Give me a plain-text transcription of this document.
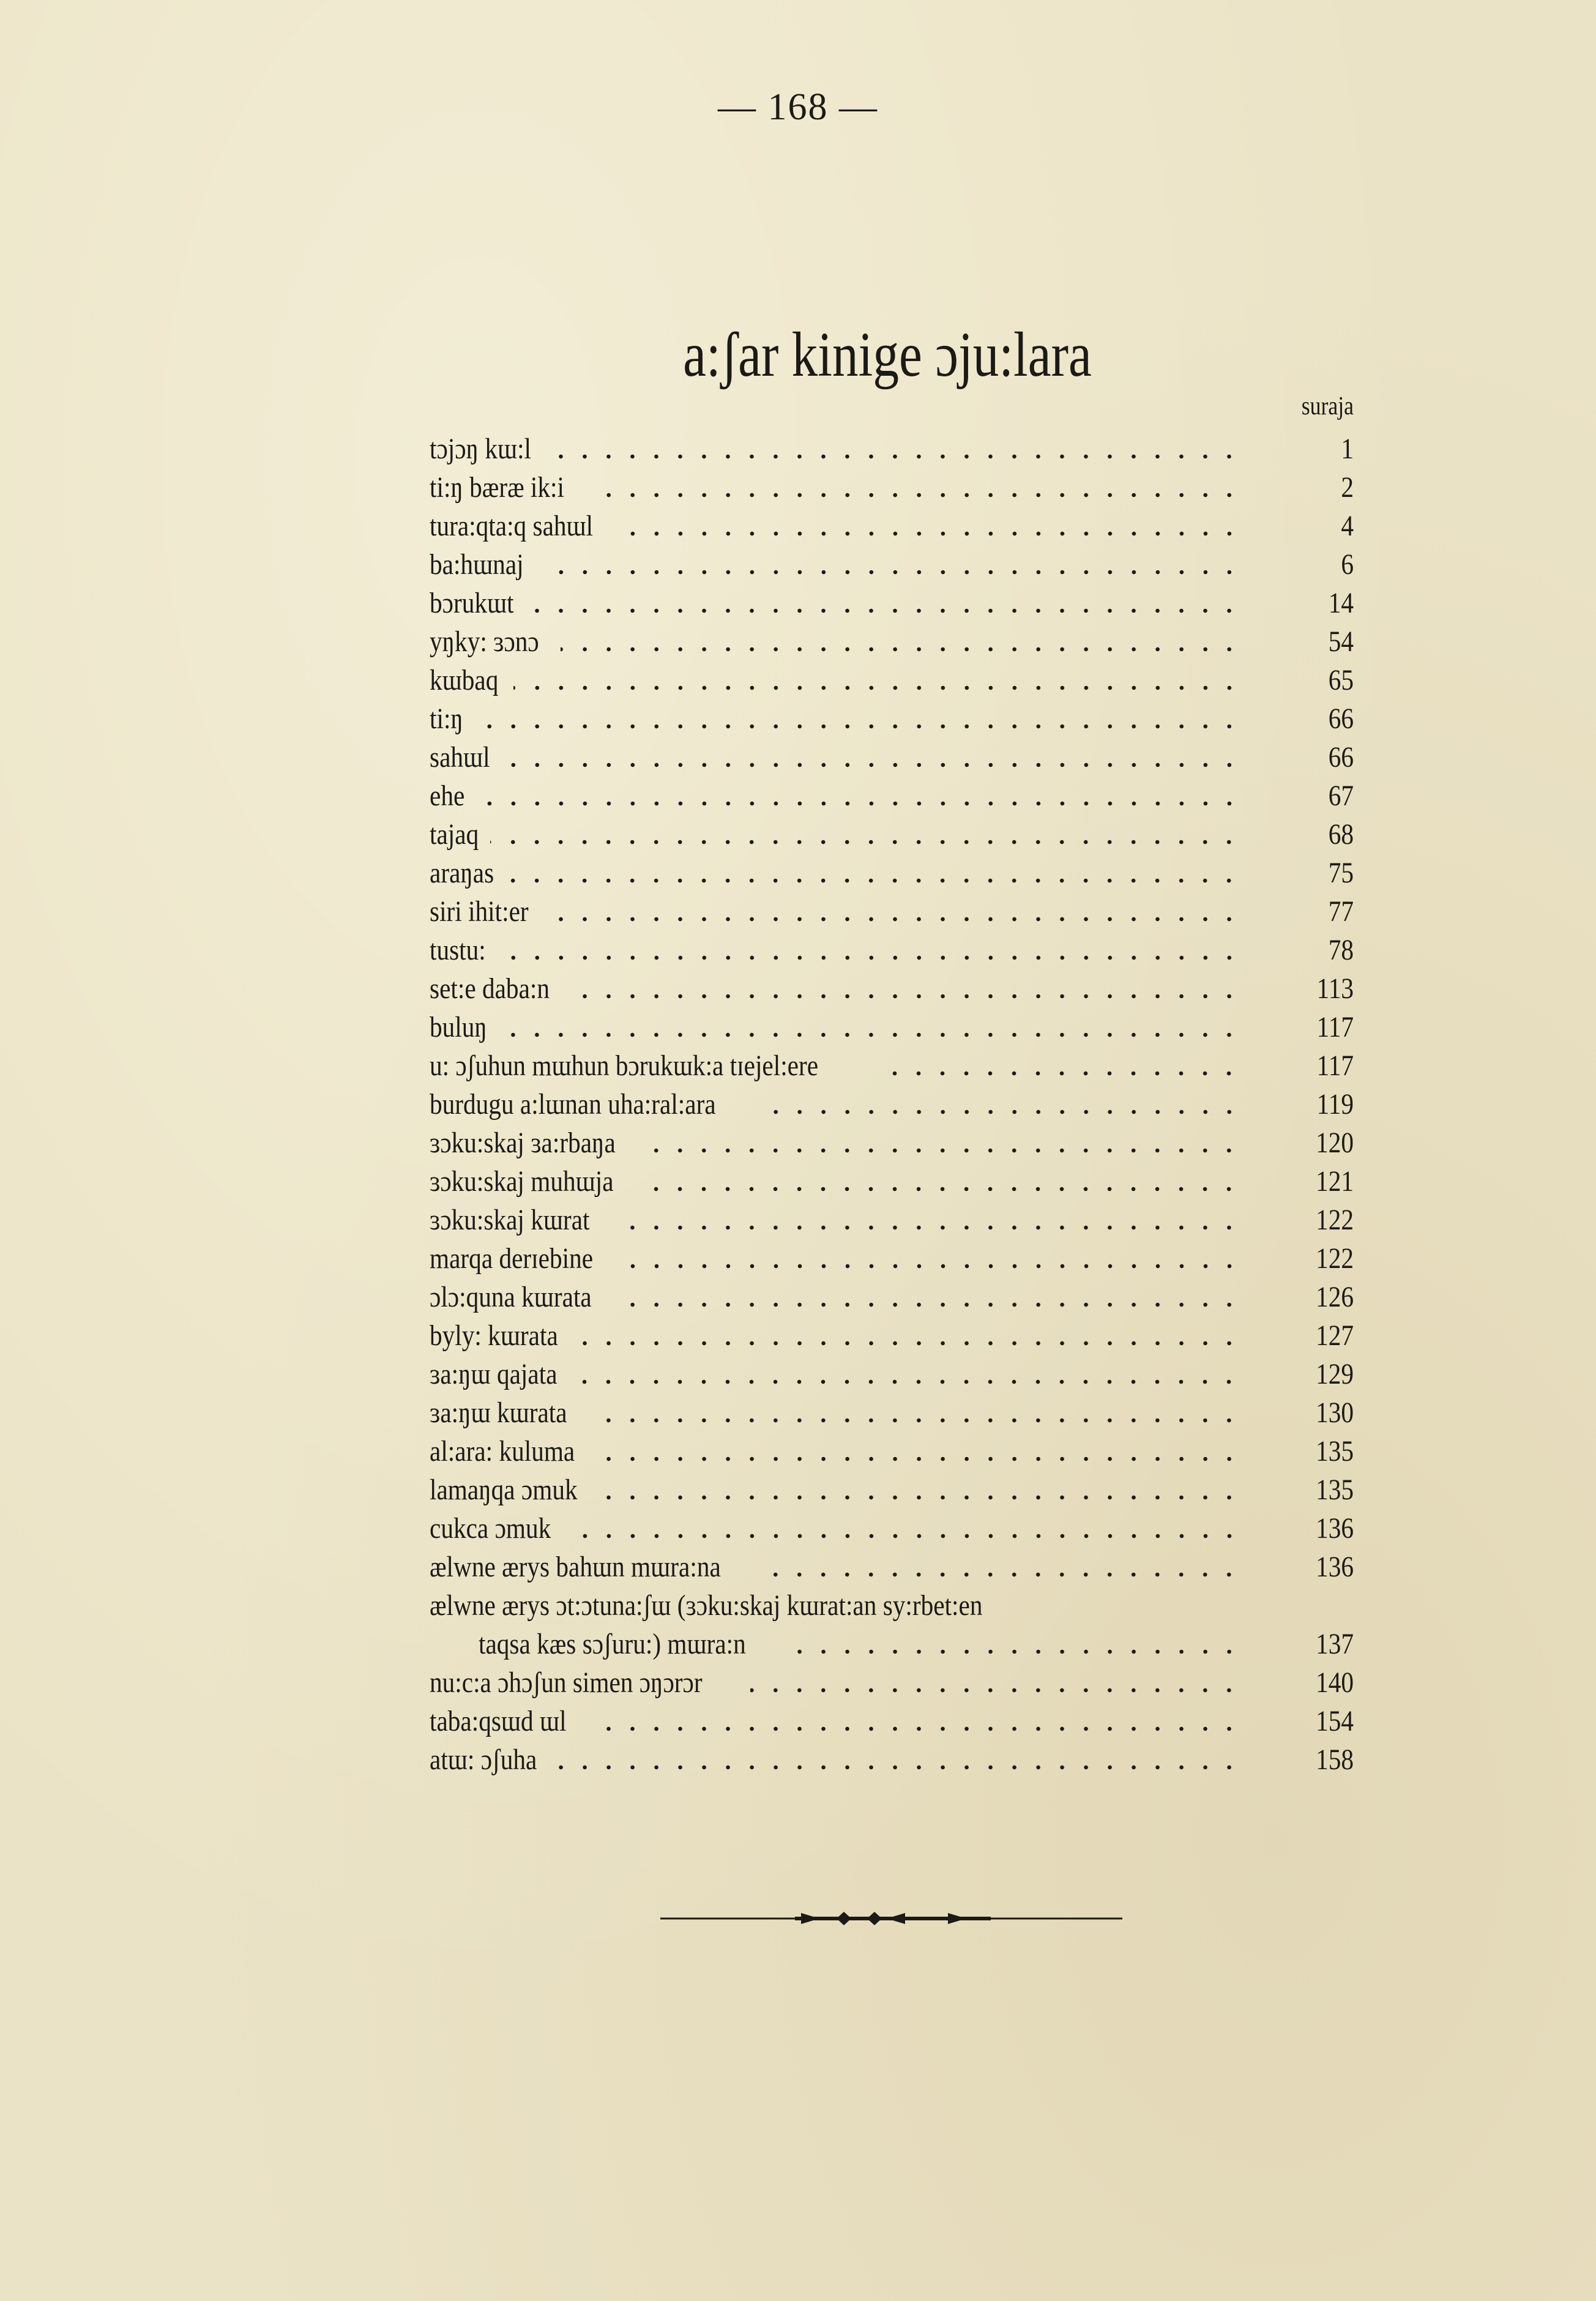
— 168 —
a:ʃar kinige ɔju:lara
suraja
tɔjɔŋ kɯ:l	1
ti:ŋ bæræ ik:i	2
tura:qta:q sahɯl	4
ba:hɯnaj	6
bɔrukɯt	14
yŋky: ɜɔnɔ	54
kɯbaq	65
ti:ŋ	66
sahɯl	66
ehe	67
tajaq	68
araŋas	75
siri ihit:er	77
tustu:	78
set:e daba:n	113
buluŋ	117
u: ɔʃuhun mɯhun bɔrukɯk:a tɪejel:ere	117
burdugu a:lɯnan uha:ral:ara	119
ɜɔku:skaj ɜa:rbaŋa	120
ɜɔku:skaj muhɯja	121
ɜɔku:skaj kɯrat	122
marqa derɪebine	122
ɔlɔ:quna kɯrata	126
byly: kɯrata	127
ɜa:ŋɯ qajata	129
ɜa:ŋɯ kɯrata	130
al:ara: kuluma	135
lamaŋqa ɔmuk	135
cukca ɔmuk	136
ælwne ærys bahɯn mɯra:na	136
ælwne ærys ɔt:ɔtuna:ʃɯ (ɜɔku:skaj kɯrat:an sy:rbet:en
taqsa kæs sɔʃuru:) mɯra:n	137
nu:c:a ɔhɔʃun simen ɔŋɔrɔr	140
taba:qsɯd ɯl	154
atɯ: ɔʃuha	158
